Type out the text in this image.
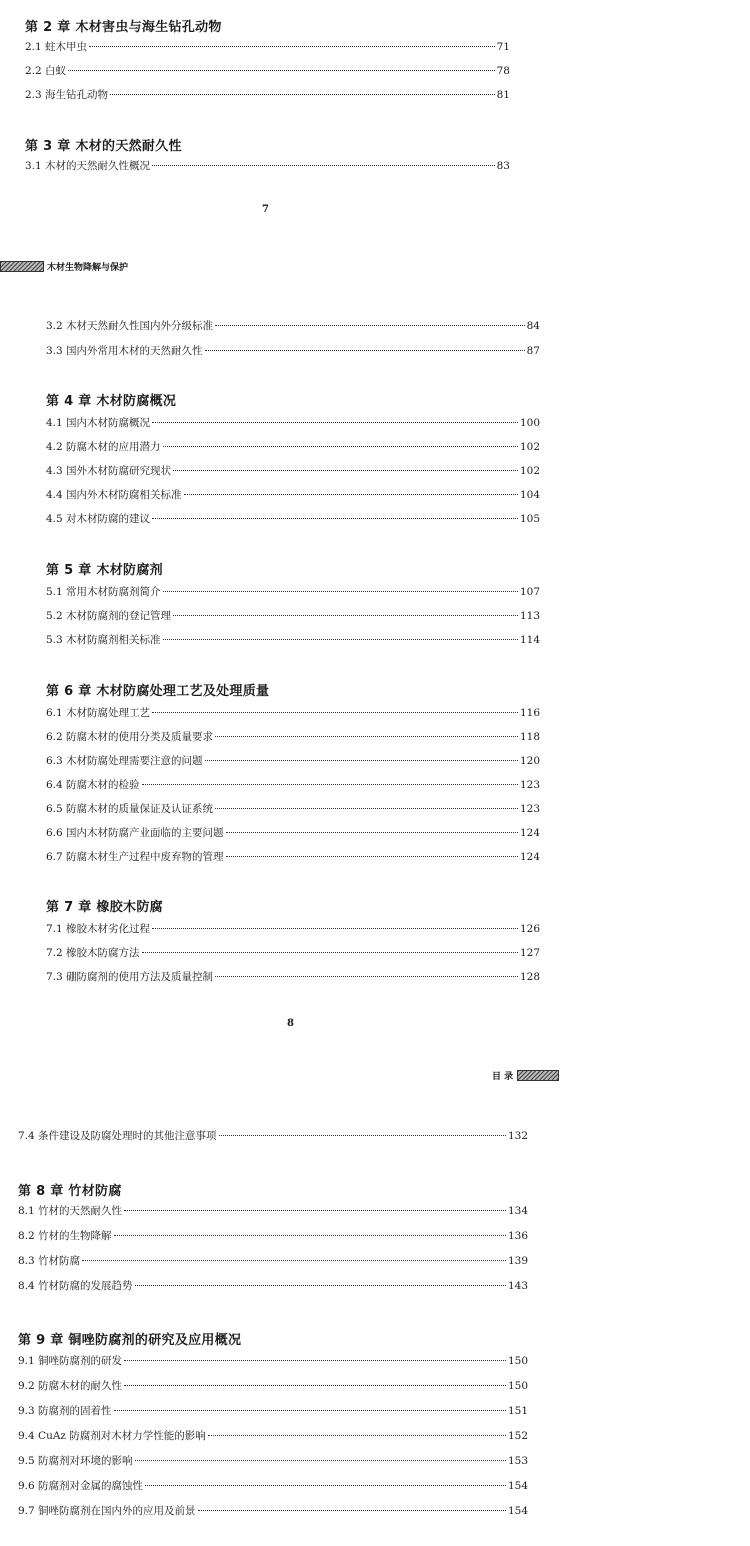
第 2 章 木材害虫与海生钻孔动物
2.1 蛀木甲虫	71
2.2 白蚁	78
2.3 海生钻孔动物	81
第 3 章 木材的天然耐久性
3.1 木材的天然耐久性概况	83
7
木材生物降解与保护
3.2 木材天然耐久性国内外分级标准	84
3.3 国内外常用木材的天然耐久性	87
第 4 章 木材防腐概况
4.1 国内木材防腐概况	100
4.2 防腐木材的应用潜力	102
4.3 国外木材防腐研究现状	102
4.4 国内外木材防腐相关标准	104
4.5 对木材防腐的建议	105
第 5 章 木材防腐剂
5.1 常用木材防腐剂简介	107
5.2 木材防腐剂的登记管理	113
5.3 木材防腐剂相关标准	114
第 6 章 木材防腐处理工艺及处理质量
6.1 木材防腐处理工艺	116
6.2 防腐木材的使用分类及质量要求	118
6.3 木材防腐处理需要注意的问题	120
6.4 防腐木材的检验	123
6.5 防腐木材的质量保证及认证系统	123
6.6 国内木材防腐产业面临的主要问题	124
6.7 防腐木材生产过程中废弃物的管理	124
第 7 章 橡胶木防腐
7.1 橡胶木材劣化过程	126
7.2 橡胶木防腐方法	127
7.3 硼防腐剂的使用方法及质量控制	128
8
目 录
7.4 条件建设及防腐处理时的其他注意事项	132
第 8 章 竹材防腐
8.1 竹材的天然耐久性	134
8.2 竹材的生物降解	136
8.3 竹材防腐	139
8.4 竹材防腐的发展趋势	143
第 9 章 铜唑防腐剂的研究及应用概况
9.1 铜唑防腐剂的研发	150
9.2 防腐木材的耐久性	150
9.3 防腐剂的固着性	151
9.4 CuAz 防腐剂对木材力学性能的影响	152
9.5 防腐剂对环境的影响	153
9.6 防腐剂对金属的腐蚀性	154
9.7 铜唑防腐剂在国内外的应用及前景	154
